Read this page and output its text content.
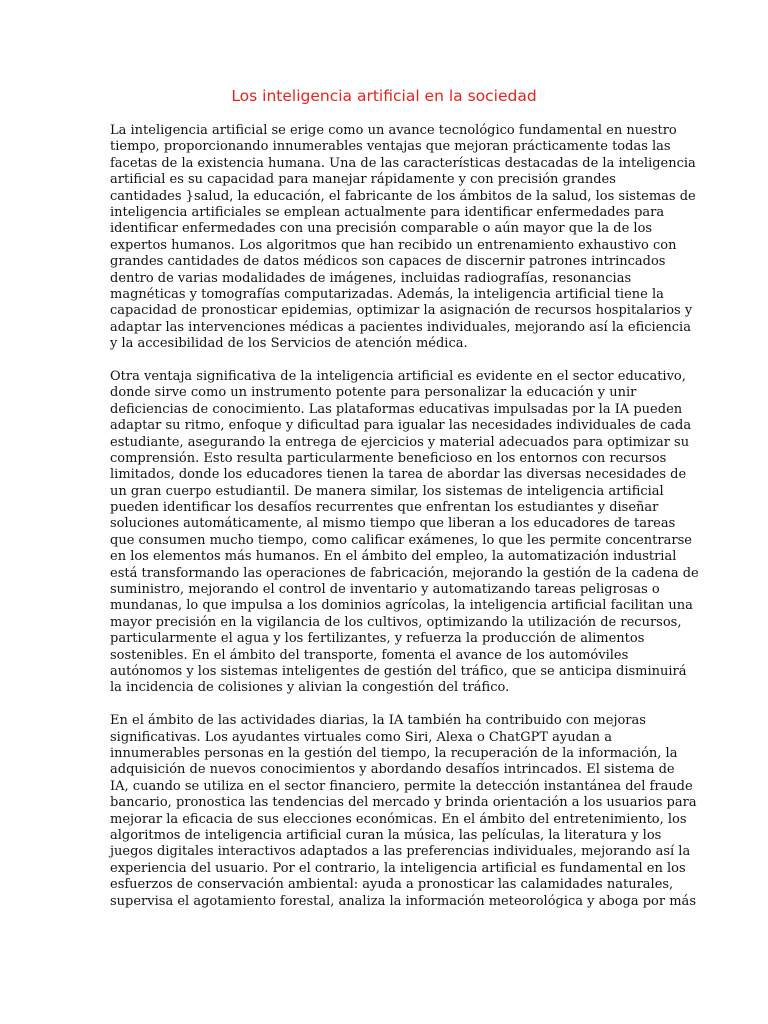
Los inteligencia artificial en la sociedad
La inteligencia artificial se erige como un avance tecnológico fundamental en nuestro
tiempo, proporcionando innumerables ventajas que mejoran prácticamente todas las
facetas de la existencia humana. Una de las características destacadas de la inteligencia
artificial es su capacidad para manejar rápidamente y con precisión grandes
cantidades }salud, la educación, el fabricante de los ámbitos de la salud, los sistemas de
inteligencia artificiales se emplean actualmente para identificar enfermedades para
identificar enfermedades con una precisión comparable o aún mayor que la de los
expertos humanos. Los algoritmos que han recibido un entrenamiento exhaustivo con
grandes cantidades de datos médicos son capaces de discernir patrones intrincados
dentro de varias modalidades de imágenes, incluidas radiografías, resonancias
magnéticas y tomografías computarizadas. Además, la inteligencia artificial tiene la
capacidad de pronosticar epidemias, optimizar la asignación de recursos hospitalarios y
adaptar las intervenciones médicas a pacientes individuales, mejorando así la eficiencia
y la accesibilidad de los Servicios de atención médica.
Otra ventaja significativa de la inteligencia artificial es evidente en el sector educativo,
donde sirve como un instrumento potente para personalizar la educación y unir
deficiencias de conocimiento. Las plataformas educativas impulsadas por la IA pueden
adaptar su ritmo, enfoque y dificultad para igualar las necesidades individuales de cada
estudiante, asegurando la entrega de ejercicios y material adecuados para optimizar su
comprensión. Esto resulta particularmente beneficioso en los entornos con recursos
limitados, donde los educadores tienen la tarea de abordar las diversas necesidades de
un gran cuerpo estudiantil. De manera similar, los sistemas de inteligencia artificial
pueden identificar los desafíos recurrentes que enfrentan los estudiantes y diseñar
soluciones automáticamente, al mismo tiempo que liberan a los educadores de tareas
que consumen mucho tiempo, como calificar exámenes, lo que les permite concentrarse
en los elementos más humanos. En el ámbito del empleo, la automatización industrial
está transformando las operaciones de fabricación, mejorando la gestión de la cadena de
suministro, mejorando el control de inventario y automatizando tareas peligrosas o
mundanas, lo que impulsa a los dominios agrícolas, la inteligencia artificial facilitan una
mayor precisión en la vigilancia de los cultivos, optimizando la utilización de recursos,
particularmente el agua y los fertilizantes, y refuerza la producción de alimentos
sostenibles. En el ámbito del transporte, fomenta el avance de los automóviles
autónomos y los sistemas inteligentes de gestión del tráfico, que se anticipa disminuirá
la incidencia de colisiones y alivian la congestión del tráfico.
En el ámbito de las actividades diarias, la IA también ha contribuido con mejoras
significativas. Los ayudantes virtuales como Siri, Alexa o ChatGPT ayudan a
innumerables personas en la gestión del tiempo, la recuperación de la información, la
adquisición de nuevos conocimientos y abordando desafíos intrincados. El sistema de
IA, cuando se utiliza en el sector financiero, permite la detección instantánea del fraude
bancario, pronostica las tendencias del mercado y brinda orientación a los usuarios para
mejorar la eficacia de sus elecciones económicas. En el ámbito del entretenimiento, los
algoritmos de inteligencia artificial curan la música, las películas, la literatura y los
juegos digitales interactivos adaptados a las preferencias individuales, mejorando así la
experiencia del usuario. Por el contrario, la inteligencia artificial es fundamental en los
esfuerzos de conservación ambiental: ayuda a pronosticar las calamidades naturales,
supervisa el agotamiento forestal, analiza la información meteorológica y aboga por más
